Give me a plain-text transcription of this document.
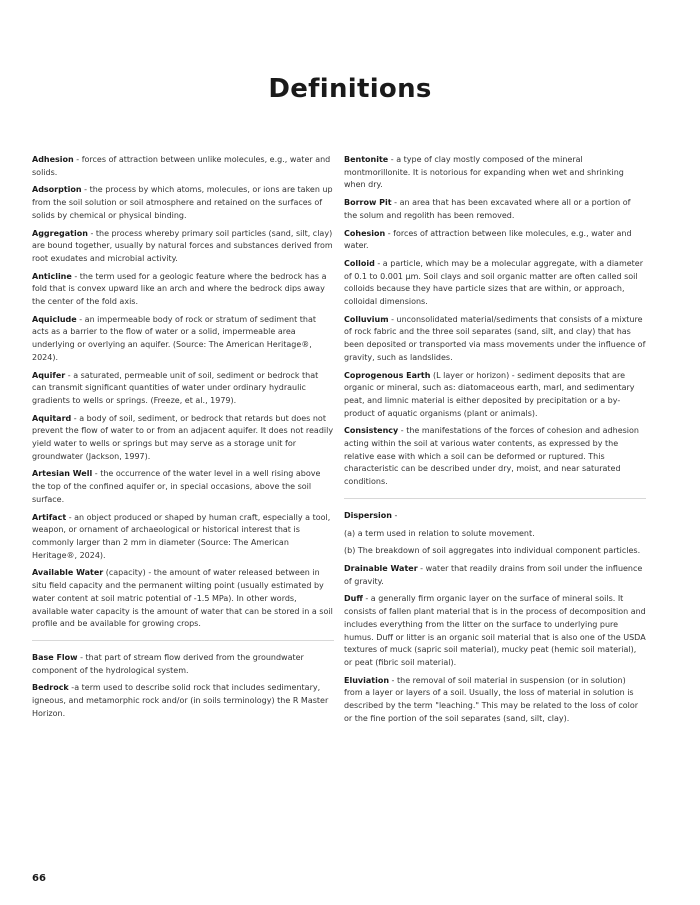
Definitions
Adhesion - forces of attraction between unlike molecules, e.g., water and solids.
Adsorption - the process by which atoms, molecules, or ions are taken up from the soil solution or soil atmosphere and retained on the surfaces of solids by chemical or physical binding.
Aggregation - the process whereby primary soil particles (sand, silt, clay) are bound together, usually by natural forces and substances derived from root exudates and microbial activity.
Anticline - the term used for a geologic feature where the bedrock has a fold that is convex upward like an arch and where the bedrock dips away the center of the fold axis.
Aquiclude - an impermeable body of rock or stratum of sediment that acts as a barrier to the flow of water or a solid, impermeable area underlying or overlying an aquifer. (Source: The American Heritage®, 2024).
Aquifer - a saturated, permeable unit of soil, sediment or bedrock that can transmit significant quantities of water under ordinary hydraulic gradients to wells or springs. (Freeze, et al., 1979).
Aquitard - a body of soil, sediment, or bedrock that retards but does not prevent the flow of water to or from an adjacent aquifer. It does not readily yield water to wells or springs but may serve as a storage unit for groundwater (Jackson, 1997).
Artesian Well - the occurrence of the water level in a well rising above the top of the confined aquifer or, in special occasions, above the soil surface.
Artifact - an object produced or shaped by human craft, especially a tool, weapon, or ornament of archaeological or historical interest that is commonly larger than 2 mm in diameter (Source: The American Heritage®, 2024).
Available Water (capacity) - the amount of water released between in situ field capacity and the permanent wilting point (usually estimated by water content at soil matric potential of -1.5 MPa). In other words, available water capacity is the amount of water that can be stored in a soil profile and be available for growing crops.
Base Flow - that part of stream flow derived from the groundwater component of the hydrological system.
Bedrock -a term used to describe solid rock that includes sedimentary, igneous, and metamorphic rock and/or (in soils terminology) the R Master Horizon.
Bentonite - a type of clay mostly composed of the mineral montmorillonite. It is notorious for expanding when wet and shrinking when dry.
Borrow Pit - an area that has been excavated where all or a portion of the solum and regolith has been removed.
Cohesion - forces of attraction between like molecules, e.g., water and water.
Colloid - a particle, which may be a molecular aggregate, with a diameter of 0.1 to 0.001 µm. Soil clays and soil organic matter are often called soil colloids because they have particle sizes that are within, or approach, colloidal dimensions.
Colluvium - unconsolidated material/sediments that consists of a mixture of rock fabric and the three soil separates (sand, silt, and clay) that has been deposited or transported via mass movements under the influence of gravity, such as landslides.
Coprogenous Earth (L layer or horizon) - sediment deposits that are organic or mineral, such as: diatomaceous earth, marl, and sedimentary peat, and limnic material is either deposited by precipitation or a by-product of aquatic organisms (plant or animals).
Consistency - the manifestations of the forces of cohesion and adhesion acting within the soil at various water contents, as expressed by the relative ease with which a soil can be deformed or ruptured. This characteristic can be described under dry, moist, and near saturated conditions.
Dispersion -
(a) a term used in relation to solute movement.
(b) The breakdown of soil aggregates into individual component particles.
Drainable Water - water that readily drains from soil under the influence of gravity.
Duff - a generally firm organic layer on the surface of mineral soils. It consists of fallen plant material that is in the process of decomposition and includes everything from the litter on the surface to underlying pure humus. Duff or litter is an organic soil material that is also one of the USDA textures of muck (sapric soil material), mucky peat (hemic soil material), or peat (fibric soil material).
Eluviation - the removal of soil material in suspension (or in solution) from a layer or layers of a soil. Usually, the loss of material in solution is described by the term "leaching." This may be related to the loss of color or the fine portion of the soil separates (sand, silt, clay).
66
